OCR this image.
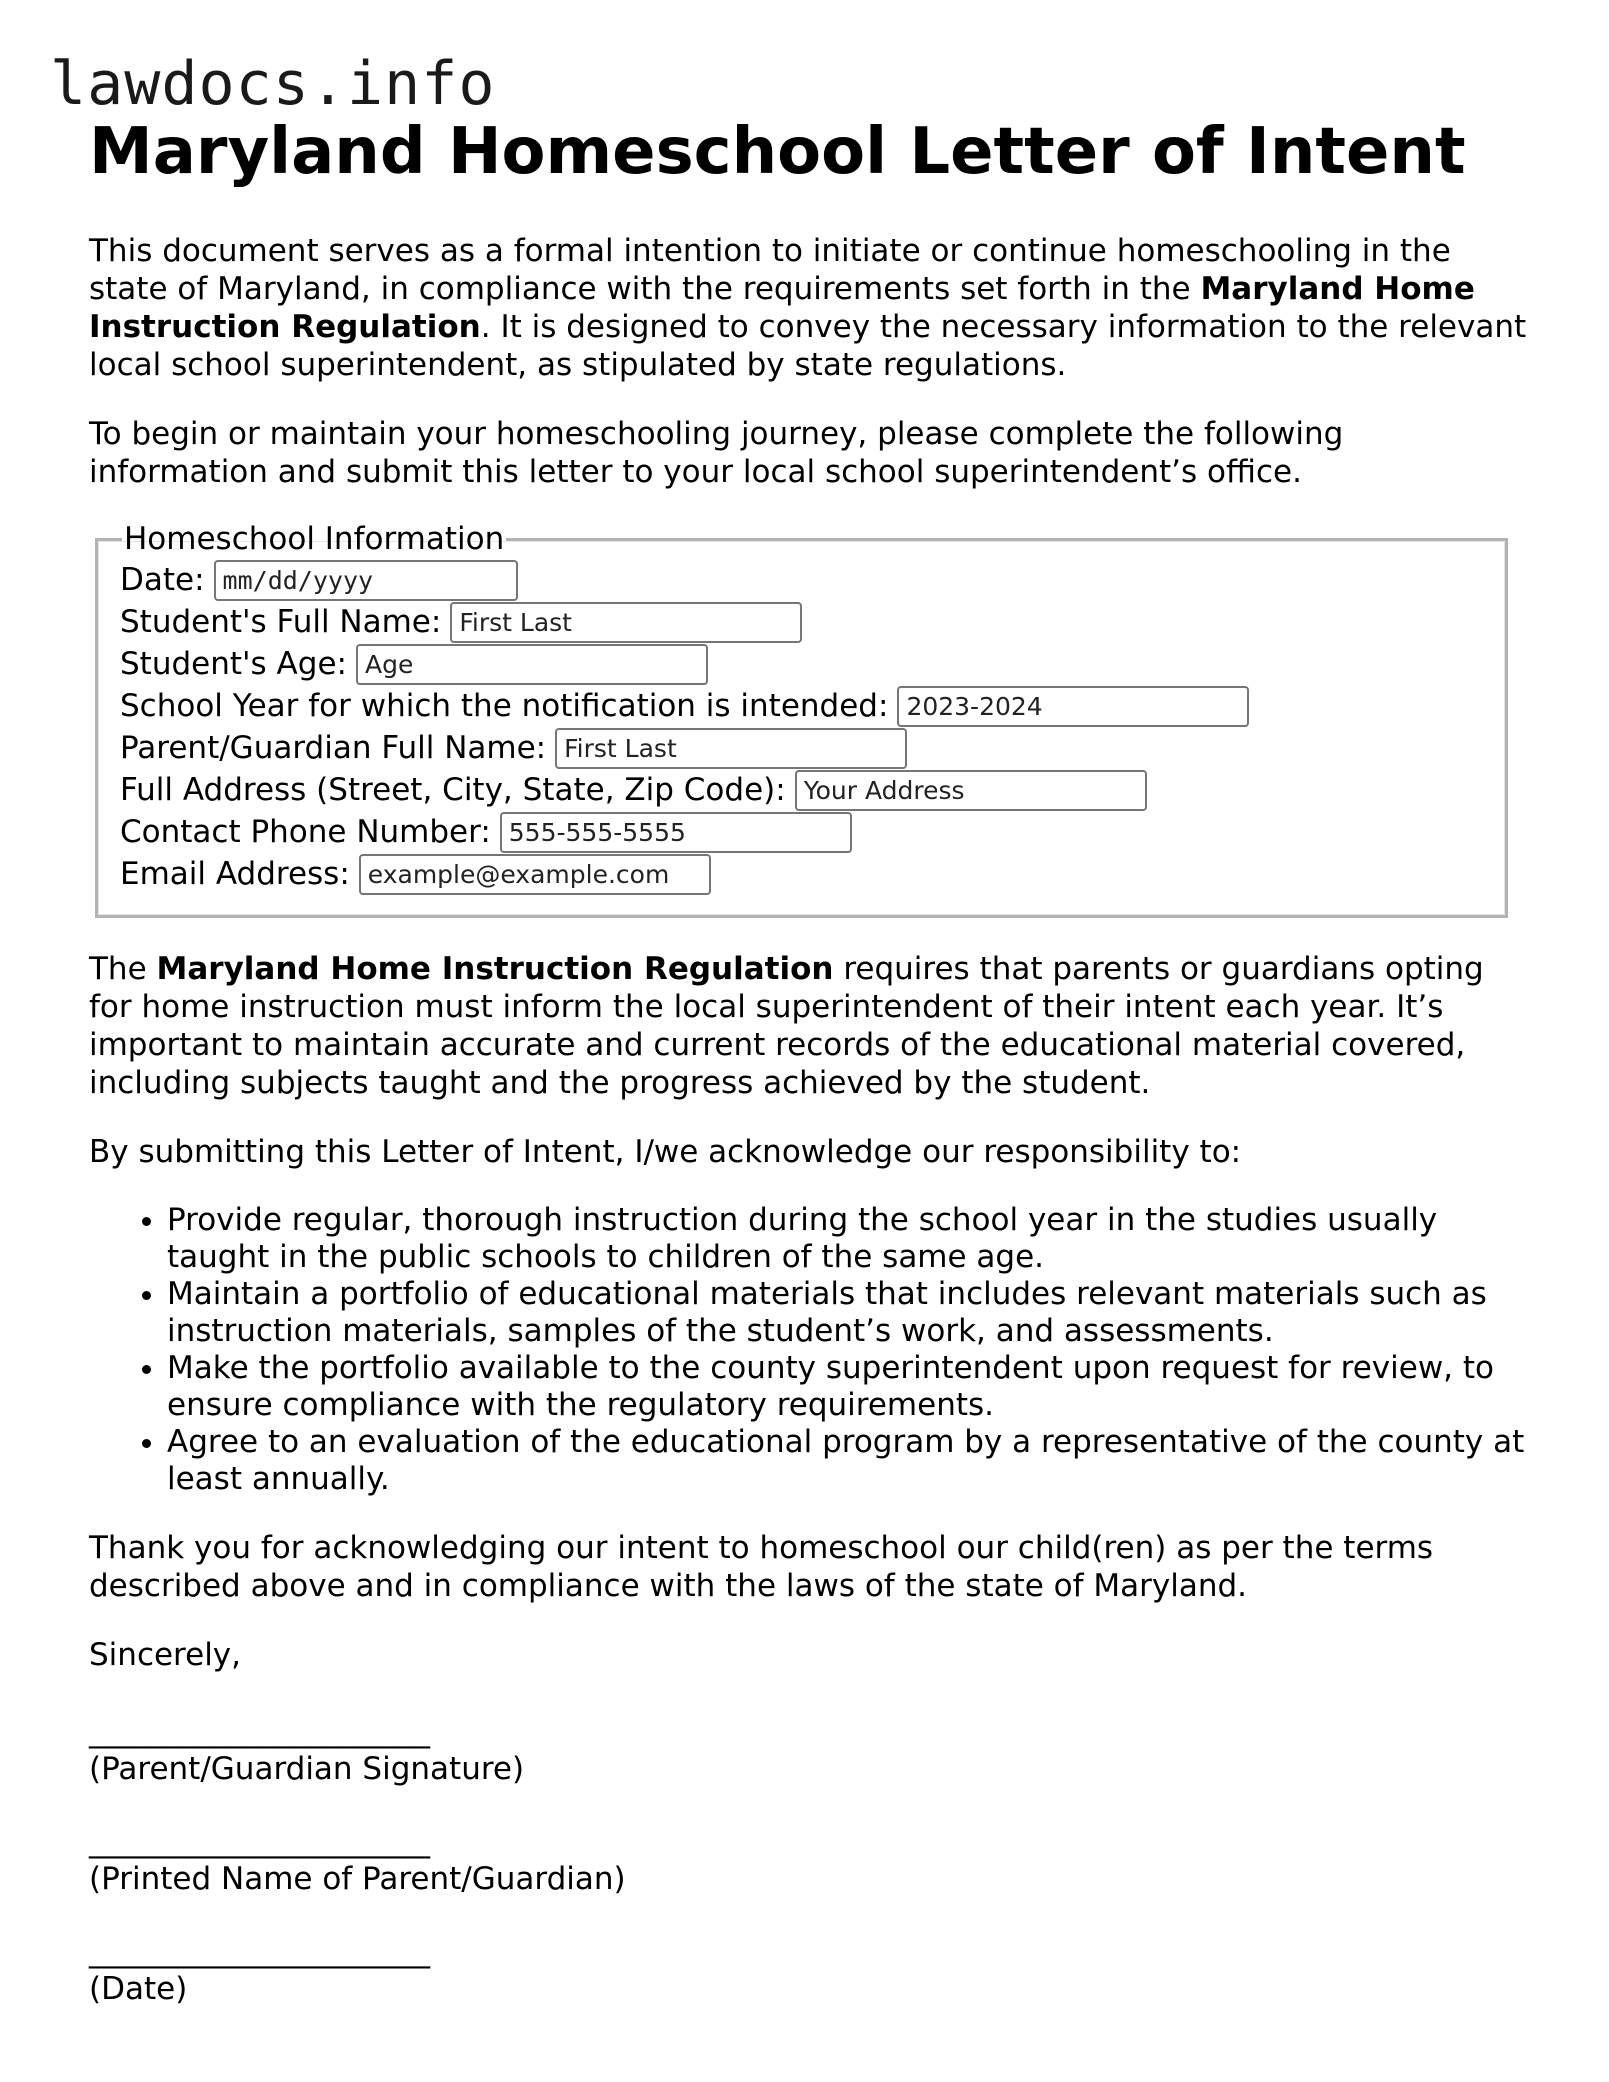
lawdocs.info
Maryland Homeschool Letter of Intent

This document serves as a formal intention to initiate or continue homeschooling in the state of Maryland, in compliance with the requirements set forth in the Maryland Home Instruction Regulation. It is designed to convey the necessary information to the relevant local school superintendent, as stipulated by state regulations.

To begin or maintain your homeschooling journey, please complete the following information and submit this letter to your local school superintendent’s office.

Homeschool Information
Date:
mm/dd/yyyy
Student's Full Name:
First Last
Student's Age:
Age
School Year for which the notification is intended:
2023-2024
Parent/Guardian Full Name:
First Last
Full Address (Street, City, State, Zip Code):
Your Address
Contact Phone Number:
555-555-5555
Email Address:
example@example.com

The Maryland Home Instruction Regulation requires that parents or guardians opting for home instruction must inform the local superintendent of their intent each year. It’s important to maintain accurate and current records of the educational material covered, including subjects taught and the progress achieved by the student.

By submitting this Letter of Intent, I/we acknowledge our responsibility to:

• Provide regular, thorough instruction during the school year in the studies usually taught in the public schools to children of the same age.
• Maintain a portfolio of educational materials that includes relevant materials such as instruction materials, samples of the student’s work, and assessments.
• Make the portfolio available to the county superintendent upon request for review, to ensure compliance with the regulatory requirements.
• Agree to an evaluation of the educational program by a representative of the county at least annually.

Thank you for acknowledging our intent to homeschool our child(ren) as per the terms described above and in compliance with the laws of the state of Maryland.

Sincerely,

______________________
(Parent/Guardian Signature)
______________________
(Printed Name of Parent/Guardian)
______________________
(Date)
